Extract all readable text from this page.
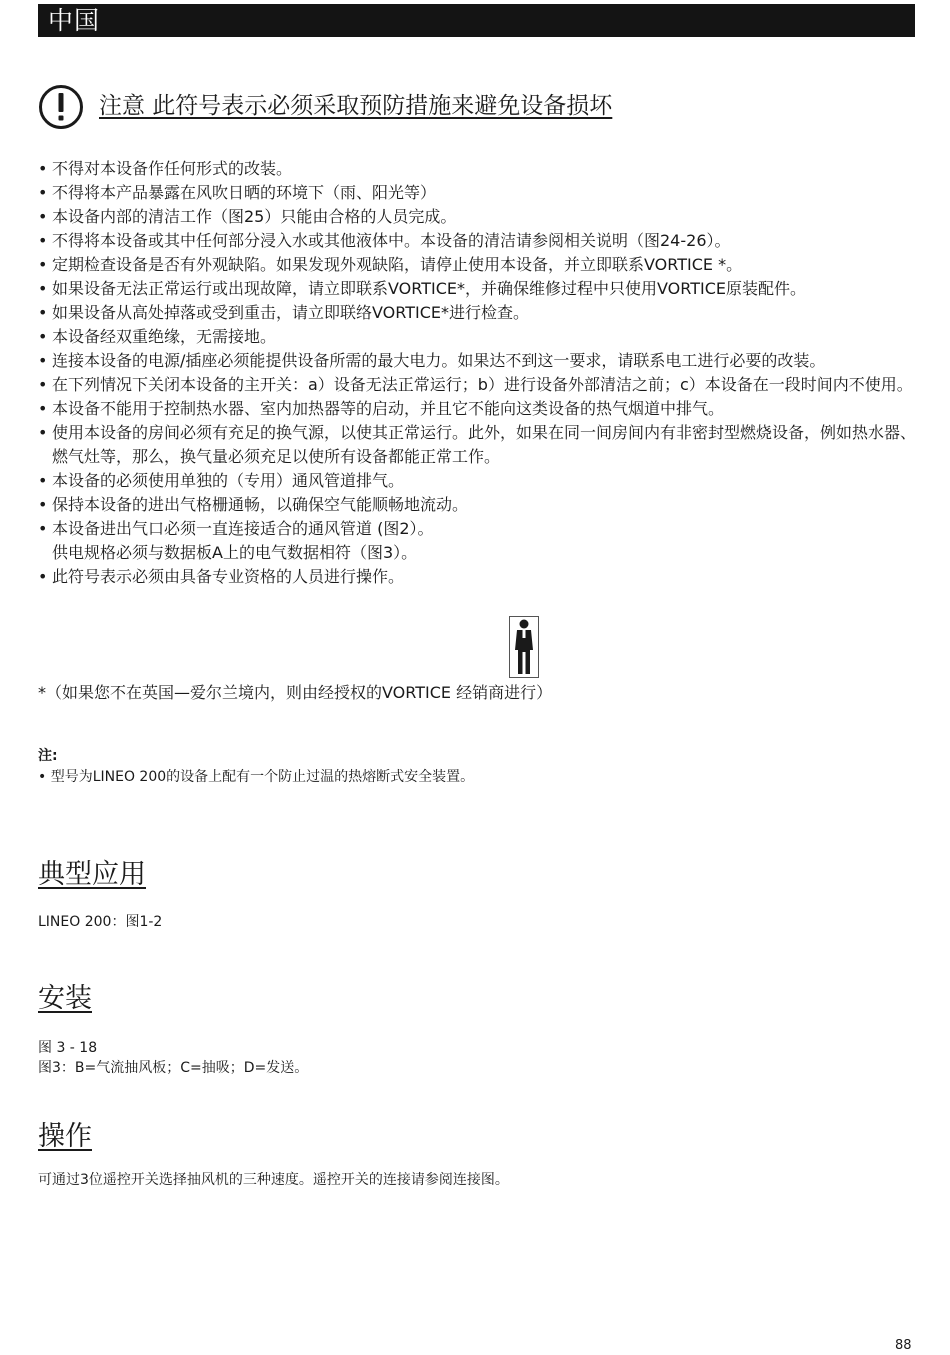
中国
注意 此符号表示必须采取预防措施来避免设备损坏
• 不得对本设备作任何形式的改装。
• 不得将本产品暴露在风吹日晒的环境下（雨、阳光等）
• 本设备内部的清洁工作（图25）只能由合格的人员完成。
• 不得将本设备或其中任何部分浸入水或其他液体中。本设备的清洁请参阅相关说明（图24-26）。
• 定期检查设备是否有外观缺陷。如果发现外观缺陷，请停止使用本设备，并立即联系VORTICE *。
• 如果设备无法正常运行或出现故障，请立即联系VORTICE*，并确保维修过程中只使用VORTICE原装配件。
• 如果设备从高处掉落或受到重击，请立即联络VORTICE*进行检查。
• 本设备经双重绝缘，无需接地。
• 连接本设备的电源/插座必须能提供设备所需的最大电力。如果达不到这一要求，请联系电工进行必要的改装。
• 在下列情况下关闭本设备的主开关：a）设备无法正常运行；b）进行设备外部清洁之前；c）本设备在一段时间内不使用。
• 本设备不能用于控制热水器、室内加热器等的启动，并且它不能向这类设备的热气烟道中排气。
• 使用本设备的房间必须有充足的换气源，以使其正常运行。此外，如果在同一间房间内有非密封型燃烧设备，例如热水器、燃气灶等，那么，换气量必须充足以使所有设备都能正常工作。
• 本设备的必须使用单独的（专用）通风管道排气。
• 保持本设备的进出气格栅通畅，以确保空气能顺畅地流动。
• 本设备进出气口必须一直连接适合的通风管道 (图2）。
供电规格必须与数据板A上的电气数据相符（图3）。
• 此符号表示必须由具备专业资格的人员进行操作。
*（如果您不在英国—爱尔兰境内，则由经授权的VORTICE 经销商进行）
注:
• 型号为LINEO 200的设备上配有一个防止过温的热熔断式安全装置。
典型应用

LINEO 200：图1-2

安装

图 3 - 18

图3：B=气流抽风板；C=抽吸；D=发送。

操作

可通过3位遥控开关选择抽风机的三种速度。遥控开关的连接请参阅连接图。

88
